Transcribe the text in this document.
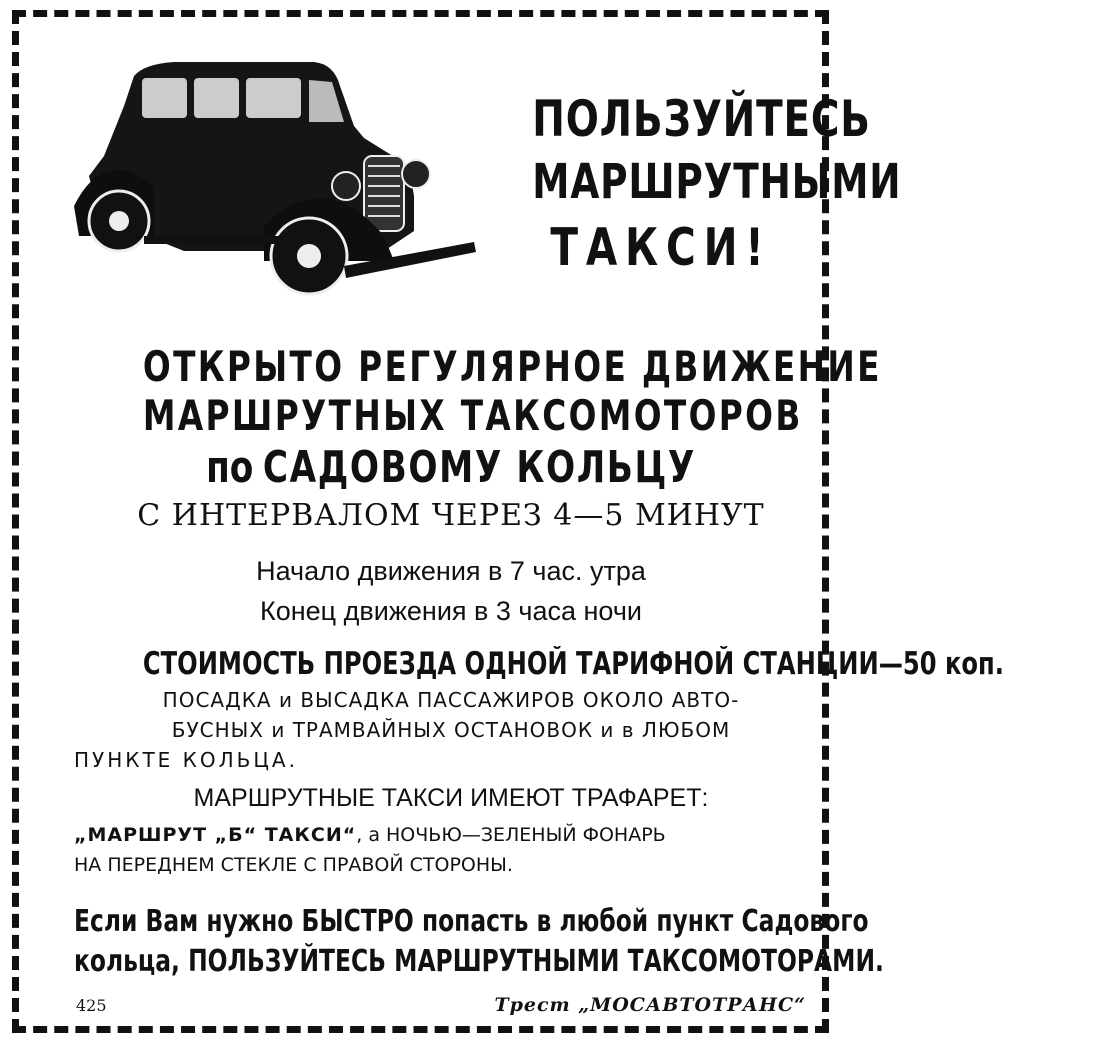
ПОЛЬЗУЙТЕСЬ
МАРШРУТНЫМИ
ТАКСИ!
ОТКРЫТО РЕГУЛЯРНОЕ ДВИЖЕНИЕ
МАРШРУТНЫХ ТАКСОМОТОРОВ
по САДОВОМУ КОЛЬЦУ
С ИНТЕРВАЛОМ ЧЕРЕЗ 4—5 МИНУТ
Начало движения в 7 час. утра
Конец движения в 3 часа ночи
СТОИМОСТЬ ПРОЕЗДА ОДНОЙ ТАРИФНОЙ СТАНЦИИ—50 коп.
ПОСАДКА и ВЫСАДКА ПАССАЖИРОВ ОКОЛО АВТО-
БУСНЫХ и ТРАМВАЙНЫХ ОСТАНОВОК и в ЛЮБОМ
ПУНКТЕ КОЛЬЦА.
МАРШРУТНЫЕ ТАКСИ ИМЕЮТ ТРАФАРЕТ:
„МАРШРУТ „Б“ ТАКСИ“, а НОЧЬЮ—ЗЕЛЕНЫЙ ФОНАРЬ
НА ПЕРЕДНЕМ СТЕКЛЕ С ПРАВОЙ СТОРОНЫ.
Если Вам нужно БЫСТРО попасть в любой пункт Садового
кольца, ПОЛЬЗУЙТЕСЬ МАРШРУТНЫМИ ТАКСОМОТОРАМИ.
425	Трест „МОСАВТОТРАНС“
